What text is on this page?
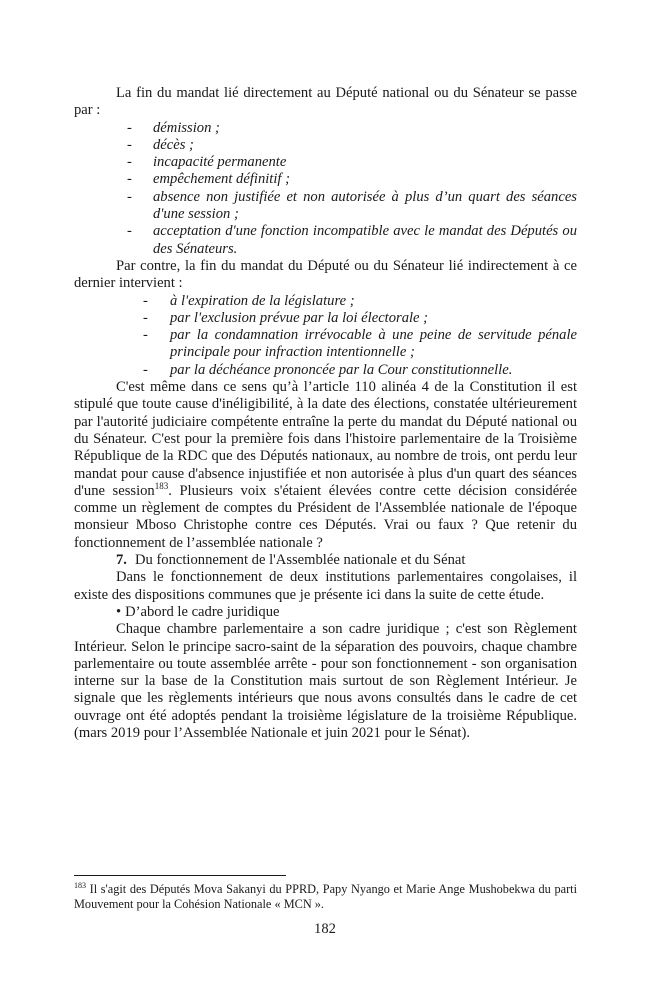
La fin du mandat lié directement au Député national ou du Sénateur se passe par :

- démission ;
- décès ;
- incapacité permanente
- empêchement définitif ;
- absence non justifiée et non autorisée à plus d’un quart des séances d'une session ;
- acceptation d'une fonction incompatible avec le mandat des Députés ou des Sénateurs.

Par contre, la fin du mandat du Député ou du Sénateur lié indirectement à ce dernier intervient :

- à l'expiration de la législature ;
- par l'exclusion prévue par la loi électorale ;
- par la condamnation irrévocable à une peine de servitude pénale principale pour infraction intentionnelle ;
- par la déchéance prononcée par la Cour constitutionnelle.

C'est même dans ce sens qu’à l’article 110 alinéa 4 de la Constitution il est stipulé que toute cause d'inéligibilité, à la date des élections, constatée ultérieurement par l'autorité judiciaire compétente entraîne la perte du mandat du Député national ou du Sénateur. C'est pour la première fois dans l'histoire parlementaire de la Troisième République de la RDC que des Députés nationaux, au nombre de trois, ont perdu leur mandat pour cause d'absence injustifiée et non autorisée à plus d'un quart des séances d'une session$^{183}$. Plusieurs voix s'étaient élevées contre cette décision considérée comme un règlement de comptes du Président de l'Assemblée nationale de l'époque monsieur Mboso Christophe contre ces Députés. Vrai ou faux ? Que retenir du fonctionnement de l’assemblée nationale ?

7. Du fonctionnement de l'Assemblée nationale et du Sénat

Dans le fonctionnement de deux institutions parlementaires congolaises, il existe des dispositions communes que je présente ici dans la suite de cette étude.

• D’abord le cadre juridique

Chaque chambre parlementaire a son cadre juridique ; c'est son Règlement Intérieur. Selon le principe sacro-saint de la séparation des pouvoirs, chaque chambre parlementaire ou toute assemblée arrête - pour son fonctionnement - son organisation interne sur la base de la Constitution mais surtout de son Règlement Intérieur. Je signale que les règlements intérieurs que nous avons consultés dans le cadre de cet ouvrage ont été adoptés pendant la troisième législature de la troisième République. (mars 2019 pour l’Assemblée Nationale et juin 2021 pour le Sénat).

$^{183}$ Il s'agit des Députés Mova Sakanyi du PPRD, Papy Nyango et Marie Ange Mushobekwa du parti Mouvement pour la Cohésion Nationale « MCN ».

182
